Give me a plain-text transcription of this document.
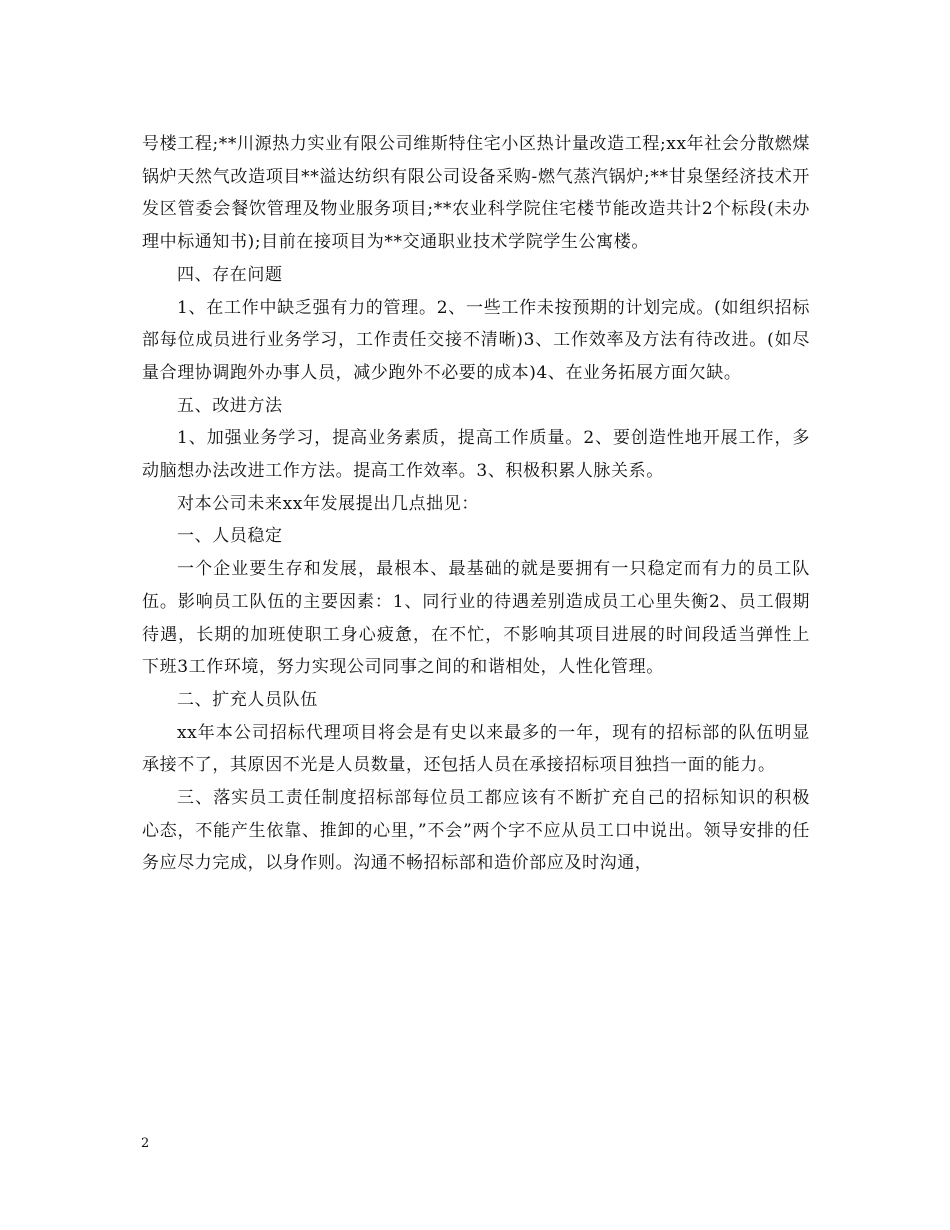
号楼工程;**川源热力实业有限公司维斯特住宅小区热计量改造工程;xx年社会分散燃煤锅炉天然气改造项目**溢达纺织有限公司设备采购-燃气蒸汽锅炉;**甘泉堡经济技术开发区管委会餐饮管理及物业服务项目;**农业科学院住宅楼节能改造共计2个标段(未办理中标通知书);目前在接项目为**交通职业技术学院学生公寓楼。

四、存在问题

1、在工作中缺乏强有力的管理。2、一些工作未按预期的计划完成。(如组织招标部每位成员进行业务学习，工作责任交接不清晰)3、工作效率及方法有待改进。(如尽量合理协调跑外办事人员，减少跑外不必要的成本)4、在业务拓展方面欠缺。

五、改进方法

1、加强业务学习，提高业务素质，提高工作质量。2、要创造性地开展工作，多动脑想办法改进工作方法。提高工作效率。3、积极积累人脉关系。

对本公司未来xx年发展提出几点拙见：

一、人员稳定

一个企业要生存和发展，最根本、最基础的就是要拥有一只稳定而有力的员工队伍。影响员工队伍的主要因素：1、同行业的待遇差别造成员工心里失衡2、员工假期待遇，长期的加班使职工身心疲惫，在不忙，不影响其项目进展的时间段适当弹性上下班3工作环境，努力实现公司同事之间的和谐相处，人性化管理。

二、扩充人员队伍

xx年本公司招标代理项目将会是有史以来最多的一年，现有的招标部的队伍明显承接不了，其原因不光是人员数量，还包括人员在承接招标项目独挡一面的能力。

三、落实员工责任制度招标部每位员工都应该有不断扩充自己的招标知识的积极心态，不能产生依靠、推卸的心里，”不会”两个字不应从员工口中说出。领导安排的任务应尽力完成，以身作则。沟通不畅招标部和造价部应及时沟通，

2
